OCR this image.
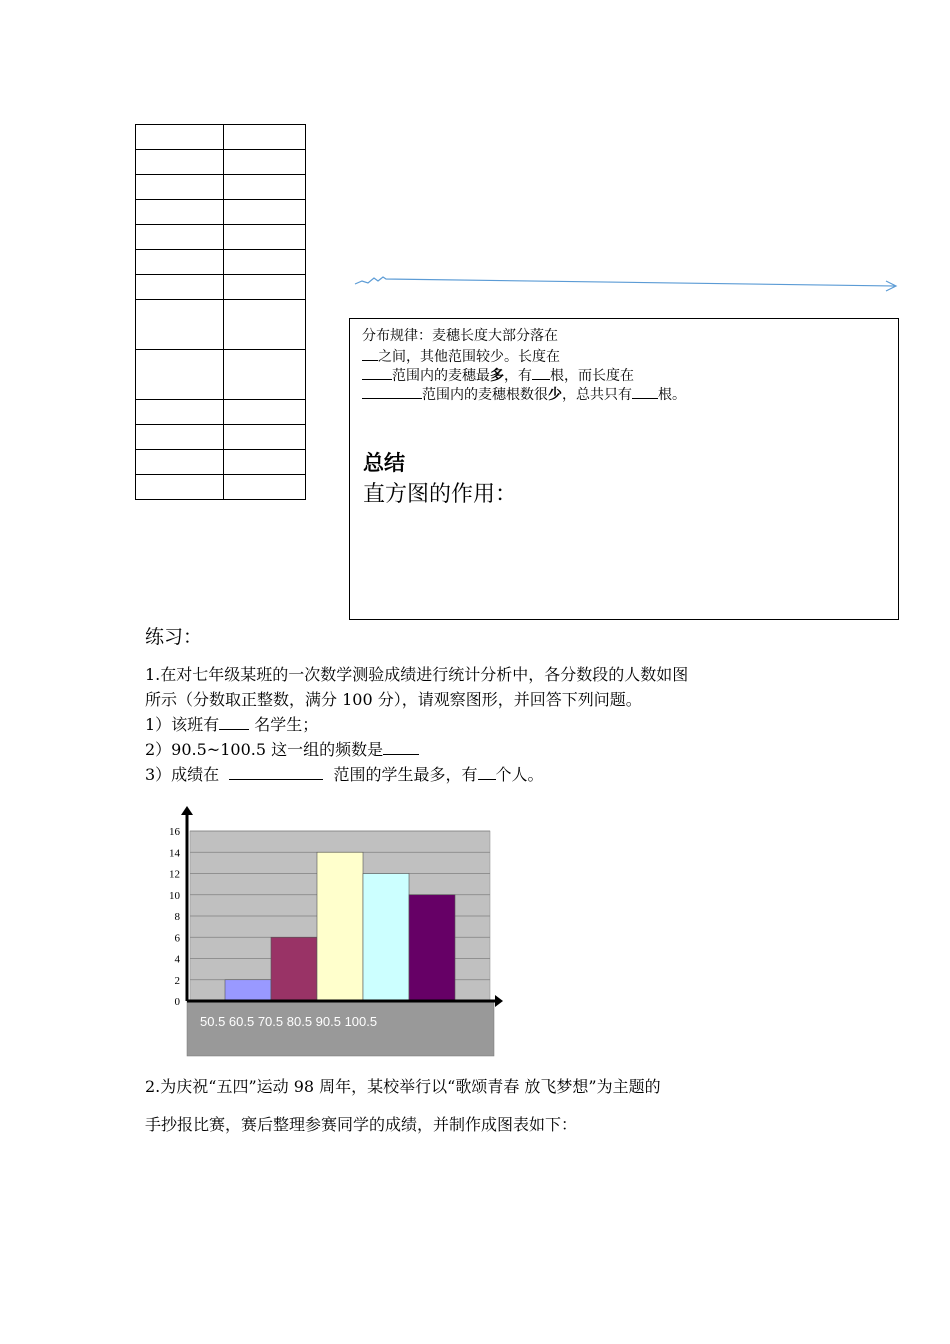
分布规律：麦穗长度大部分落在
之间，其他范围较少。长度在
范围内的麦穗最多，有 根，而长度在
范围内的麦穗根数很少，总共只有 根。
总结
直方图的作用：
练习：
1.在对七年级某班的一次数学测验成绩进行统计分析中，各分数段的人数如图
所示（分数取正整数，满分 100 分），请观察图形，并回答下列问题。
1）该班有 名学生；
2）90.5~100.5 这一组的频数是
3）成绩在	范围的学生最多，有 个人。
0
2
4
6
8
10
12
14
16
50.5 60.5 70.5 80.5 90.5 100.5
2.为庆祝“五四”运动 98 周年，某校举行以“歌颂青春 放飞梦想”为主题的
手抄报比赛，赛后整理参赛同学的成绩，并制作成图表如下：
